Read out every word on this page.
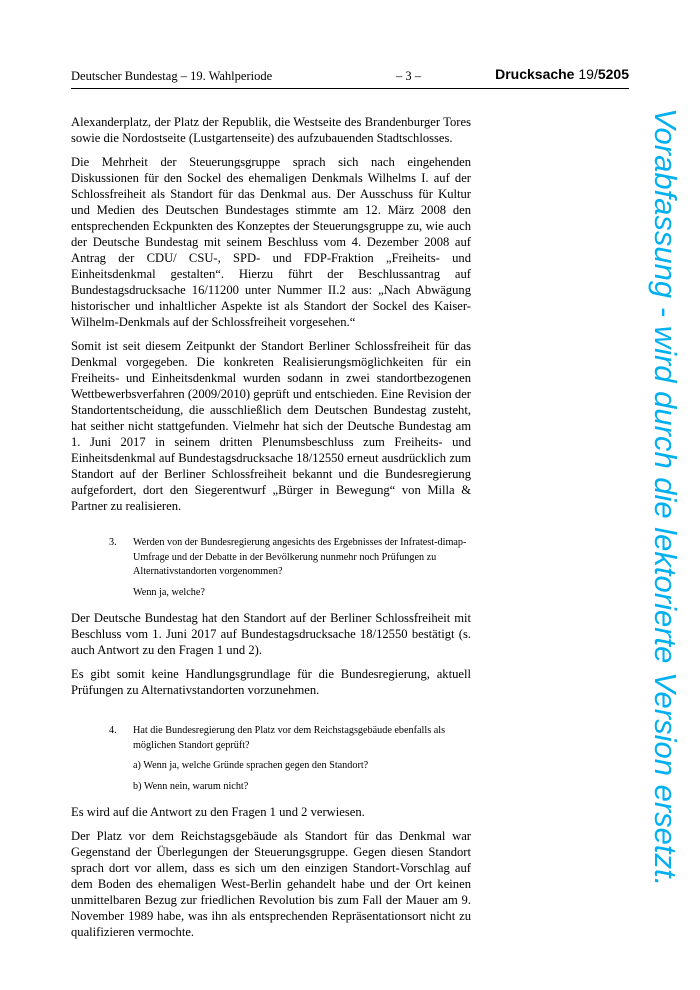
Deutscher Bundestag – 19. Wahlperiode	– 3 –	Drucksache 19/5205

Alexanderplatz, der Platz der Republik, die Westseite des Brandenburger Tores sowie die Nordostseite (Lustgartenseite) des aufzubauenden Stadtschlosses.

Die Mehrheit der Steuerungsgruppe sprach sich nach eingehenden Diskussionen für den Sockel des ehemaligen Denkmals Wilhelms I. auf der Schlossfreiheit als Standort für das Denkmal aus. Der Ausschuss für Kultur und Medien des Deutschen Bundestages stimmte am 12. März 2008 den entsprechenden Eckpunkten des Konzeptes der Steuerungsgruppe zu, wie auch der Deutsche Bundestag mit seinem Beschluss vom 4. Dezember 2008 auf Antrag der CDU/ CSU-, SPD- und FDP-Fraktion „Freiheits- und Einheitsdenkmal gestalten“. Hierzu führt der Beschlussantrag auf Bundestagsdrucksache 16/11200 unter Nummer II.2 aus: „Nach Abwägung historischer und inhaltlicher Aspekte ist als Standort der Sockel des Kaiser-Wilhelm-Denkmals auf der Schlossfreiheit vorgesehen.“

Somit ist seit diesem Zeitpunkt der Standort Berliner Schlossfreiheit für das Denkmal vorgegeben. Die konkreten Realisierungsmöglichkeiten für ein Freiheits- und Einheitsdenkmal wurden sodann in zwei standortbezogenen Wettbewerbsverfahren (2009/2010) geprüft und entschieden. Eine Revision der Standortentscheidung, die ausschließlich dem Deutschen Bundestag zusteht, hat seither nicht stattgefunden. Vielmehr hat sich der Deutsche Bundestag am 1. Juni 2017 in seinem dritten Plenumsbeschluss zum Freiheits- und Einheitsdenkmal auf Bundestagsdrucksache 18/12550 erneut ausdrücklich zum Standort auf der Berliner Schlossfreiheit bekannt und die Bundesregierung aufgefordert, dort den Siegerentwurf „Bürger in Bewegung“ von Milla & Partner zu realisieren.

3. Werden von der Bundesregierung angesichts des Ergebnisses der Infratest-dimap-Umfrage und der Debatte in der Bevölkerung nunmehr noch Prüfungen zu Alternativstandorten vorgenommen?
Wenn ja, welche?

Der Deutsche Bundestag hat den Standort auf der Berliner Schlossfreiheit mit Beschluss vom 1. Juni 2017 auf Bundestagsdrucksache 18/12550 bestätigt (s. auch Antwort zu den Fragen 1 und 2).

Es gibt somit keine Handlungsgrundlage für die Bundesregierung, aktuell Prüfungen zu Alternativstandorten vorzunehmen.

4. Hat die Bundesregierung den Platz vor dem Reichstagsgebäude ebenfalls als möglichen Standort geprüft?
a) Wenn ja, welche Gründe sprachen gegen den Standort?
b) Wenn nein, warum nicht?

Es wird auf die Antwort zu den Fragen 1 und 2 verwiesen.

Der Platz vor dem Reichstagsgebäude als Standort für das Denkmal war Gegenstand der Überlegungen der Steuerungsgruppe. Gegen diesen Standort sprach dort vor allem, dass es sich um den einzigen Standort-Vorschlag auf dem Boden des ehemaligen West-Berlin gehandelt habe und der Ort keinen unmittelbaren Bezug zur friedlichen Revolution bis zum Fall der Mauer am 9. November 1989 habe, was ihn als entsprechenden Repräsentationsort nicht zu qualifizieren vermochte.

Vorabfassung - wird durch die lektorierte Version ersetzt.
